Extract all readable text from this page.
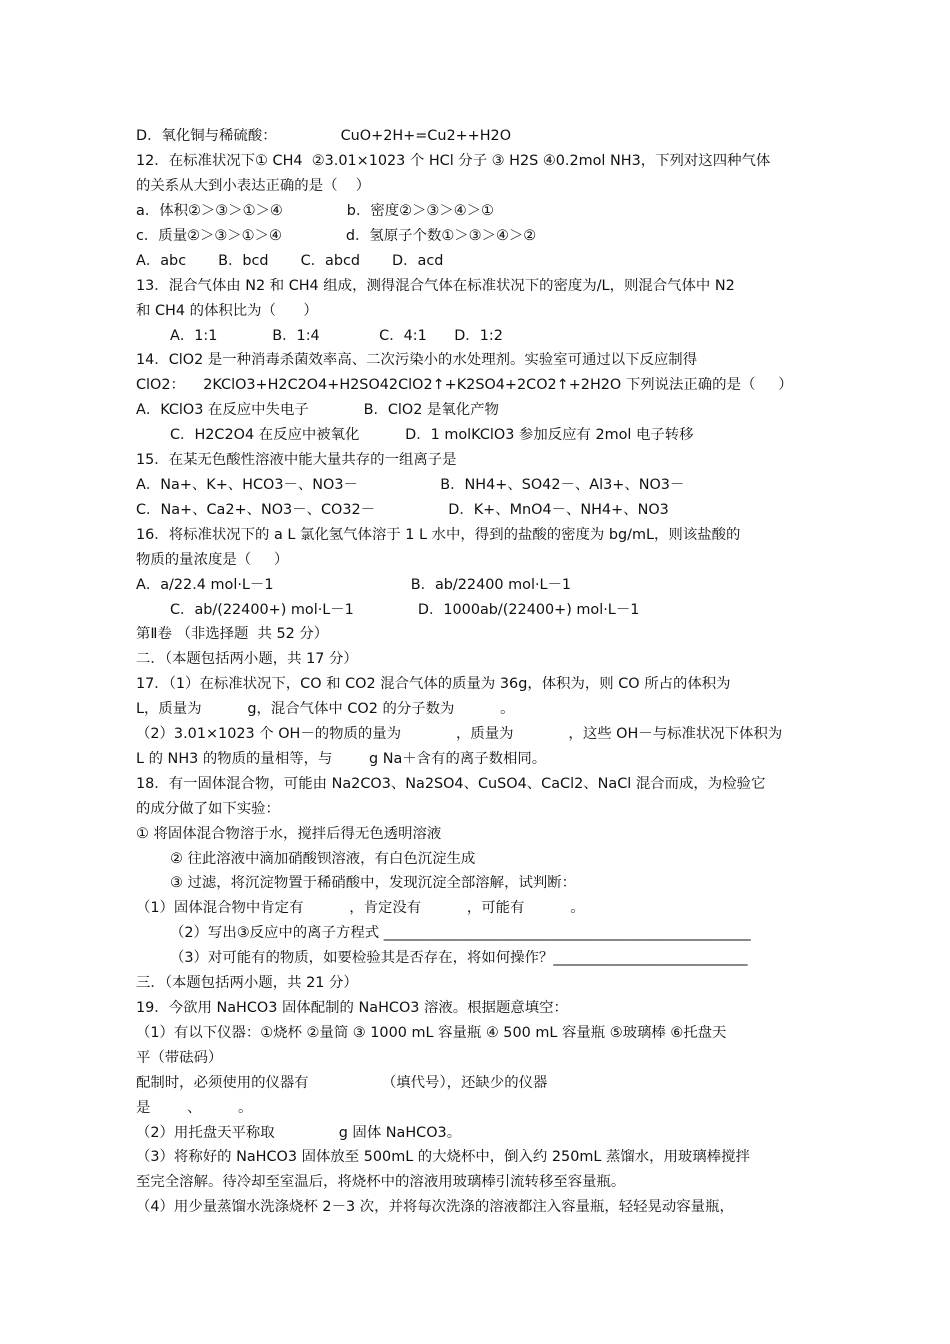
D．氧化铜与稀硫酸：              CuO+2H+=Cu2++H2O
12．在标准状况下① CH4  ②3.01×1023 个 HCl 分子 ③ H2S ④0.2mol NH3，下列对这四种气体
的关系从大到小表达正确的是（    ）
a．体积②＞③＞①＞④              b．密度②＞③＞④＞①
c．质量②＞③＞①＞④              d．氢原子个数①＞③＞④＞②
A．abc       B．bcd       C．abcd       D．acd
13．混合气体由 N2 和 CH4 组成，测得混合气体在标准状况下的密度为/L，则混合气体中 N2
和 CH4 的体积比为（      ）
A．1:1            B．1:4             C．4:1      D．1:2
14．ClO2 是一种消毒杀菌效率高、二次污染小的水处理剂。实验室可通过以下反应制得
ClO2：    2KClO3+H2C2O4+H2SO42ClO2↑+K2SO4+2CO2↑+2H2O 下列说法正确的是（     ）
A．KClO3 在反应中失电子            B．ClO2 是氧化产物
C．H2C2O4 在反应中被氧化          D．1 molKClO3 参加反应有 2mol 电子转移
15．在某无色酸性溶液中能大量共存的一组离子是
A．Na+、K+、HCO3－、NO3－                  B．NH4+、SO42－、Al3+、NO3－
C．Na+、Ca2+、NO3－、CO32－                D．K+、MnO4－、NH4+、NO3
16．将标准状况下的 a L 氯化氢气体溶于 1 L 水中，得到的盐酸的密度为 bg/mL，则该盐酸的
物质的量浓度是（     ）
A．a/22.4 mol·L－1                              B．ab/22400 mol·L－1
C．ab/(22400+) mol·L－1              D．1000ab/(22400+) mol·L－1
第Ⅱ卷 （非选择题  共 52 分）
二．（本题包括两小题，共 17 分）
17．（1）在标准状况下，CO 和 CO2 混合气体的质量为 36g，体积为，则 CO 所占的体积为
L，质量为          g，混合气体中 CO2 的分子数为          。
（2）3.01×1023 个 OH－的物质的量为            ，质量为            ，这些 OH－与标准状况下体积为
L 的 NH3 的物质的量相等，与        g Na＋含有的离子数相同。
18．有一固体混合物，可能由 Na2CO3、Na2SO4、CuSO4、CaCl2、NaCl 混合而成，为检验它
的成分做了如下实验：
① 将固体混合物溶于水，搅拌后得无色透明溶液
② 往此溶液中滴加硝酸钡溶液，有白色沉淀生成
③ 过滤，将沉淀物置于稀硝酸中，发现沉淀全部溶解，试判断：
（1）固体混合物中肯定有          ，肯定没有          ，可能有          。
（2）写出③反应中的离子方程式 ___________________________________________________
（3）对可能有的物质，如要检验其是否存在，将如何操作？___________________________
三．（本题包括两小题，共 21 分）
19．今欲用 NaHCO3 固体配制的 NaHCO3 溶液。根据题意填空：
（1）有以下仪器：①烧杯 ②量筒 ③ 1000 mL 容量瓶 ④ 500 mL 容量瓶 ⑤玻璃棒 ⑥托盘天
平（带砝码）
配制时，必须使用的仪器有                （填代号），还缺少的仪器
是        、        。
（2）用托盘天平称取              g 固体 NaHCO3。
（3）将称好的 NaHCO3 固体放至 500mL 的大烧杯中，倒入约 250mL 蒸馏水，用玻璃棒搅拌
至完全溶解。待冷却至室温后，将烧杯中的溶液用玻璃棒引流转移至容量瓶。
（4）用少量蒸馏水洗涤烧杯 2－3 次，并将每次洗涤的溶液都注入容量瓶，轻轻晃动容量瓶，
